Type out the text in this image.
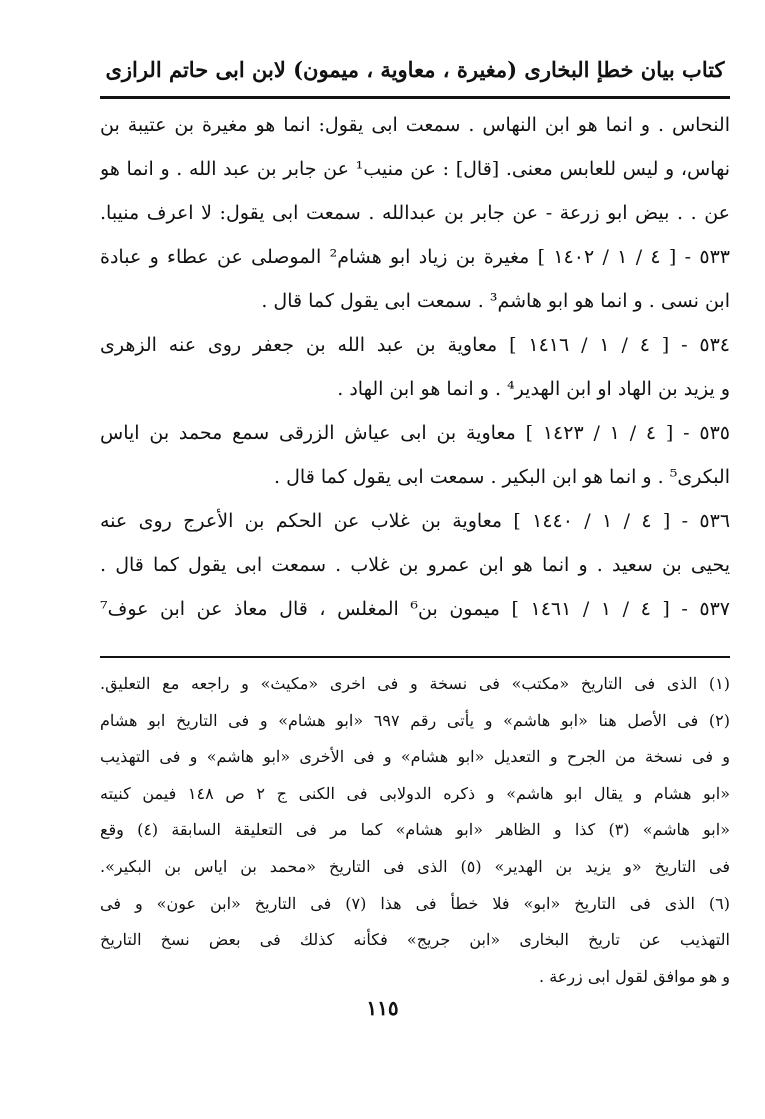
كتاب بيان خطإ البخارى (مغيرة ، معاوية ، ميمون) لابن ابى حاتم الرازى
النحاس . و انما هو ابن النهاس . سمعت ابى يقول: انما هو مغيرة بن عتيبة بن
نهاس، و ليس للعابس معنى. [قال] : عن منيب¹ عن جابر بن عبد الله . و انما هو
عن . . بيض ابو زرعة - عن جابر بن عبدالله . سمعت ابى يقول: لا اعرف منيبا.
٥٣٣ - [ ٤ / ١ / ١٤٠٢ ] مغيرة بن زياد ابو هشام² الموصلى عن عطاء و عبادة
ابن نسى . و انما هو ابو هاشم³ . سمعت ابى يقول كما قال .
٥٣٤ - [ ٤ / ١ / ١٤١٦ ] معاوية بن عبد الله بن جعفر روى عنه الزهرى
و يزيد بن الهاد او ابن الهدير⁴ . و انما هو ابن الهاد .
٥٣٥ - [ ٤ / ١ / ١٤٢٣ ] معاوية بن ابى عياش الزرقى سمع محمد بن اياس
البكرى⁵ . و انما هو ابن البكير . سمعت ابى يقول كما قال .
٥٣٦ - [ ٤ / ١ / ١٤٤٠ ] معاوية بن غلاب عن الحكم بن الأعرج روى عنه
يحيى بن سعيد . و انما هو ابن عمرو بن غلاب . سمعت ابى يقول كما قال .
٥٣٧ - [ ٤ / ١ / ١٤٦١ ] ميمون بن⁶ المغلس ، قال معاذ عن ابن عوف⁷
(١) الذى فى التاريخ «مكتب» فى نسخة و فى اخرى «مكيث» و راجعه مع التعليق.
(٢) فى الأصل هنا «ابو هاشم» و يأتى رقم ٦٩٧ «ابو هشام» و فى التاريخ ابو هشام
و فى نسخة من الجرح و التعديل «ابو هشام» و فى الأخرى «ابو هاشم» و فى التهذيب
«ابو هشام و يقال ابو هاشم» و ذكره الدولابى فى الكنى ج ٢ ص ١٤٨ فيمن كنيته
«ابو هاشم» (٣) كذا و الظاهر «ابو هشام» كما مر فى التعليقة السابقة (٤) وقع
فى التاريخ «و يزيد بن الهدير» (٥) الذى فى التاريخ «محمد بن اياس بن البكير».
(٦) الذى فى التاريخ «ابو» فلا خطأ فى هذا (٧) فى التاريخ «ابن عون» و فى
التهذيب عن تاريخ البخارى «ابن جريج» فكأنه كذلك فى بعض نسخ التاريخ
و هو موافق لقول ابى زرعة .
١١٥
